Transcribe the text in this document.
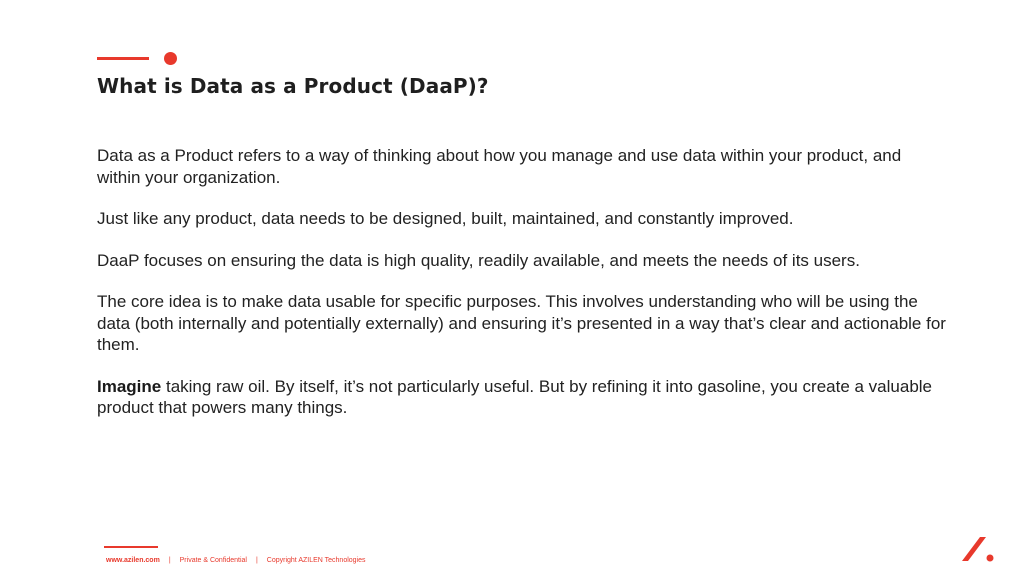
What is Data as a Product (DaaP)?

Data as a Product refers to a way of thinking about how you manage and use data within your product, and within your organization.

Just like any product, data needs to be designed, built, maintained, and constantly improved.

DaaP focuses on ensuring the data is high quality, readily available, and meets the needs of its users.

The core idea is to make data usable for specific purposes. This involves understanding who will be using the data (both internally and potentially externally) and ensuring it’s presented in a way that’s clear and actionable for them.

Imagine taking raw oil. By itself, it’s not particularly useful. But by refining it into gasoline, you create a valuable product that powers many things.

www.azilen.com | Private & Confidential | Copyright AZILEN Technologies
